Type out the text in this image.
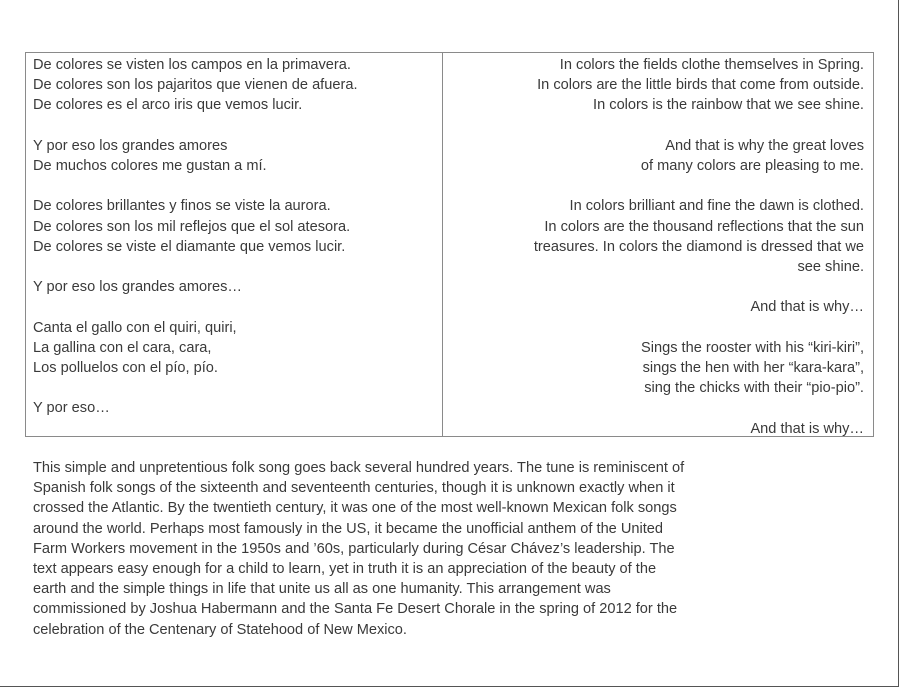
De colores se visten los campos en la primavera.
De colores son los pajaritos que vienen de afuera.
De colores es el arco iris que vemos lucir.
Y por eso los grandes amores
De muchos colores me gustan a mí.
De colores brillantes y finos se viste la aurora.
De colores son los mil reflejos que el sol atesora.
De colores se viste el diamante que vemos lucir.
Y por eso los grandes amores…
Canta el gallo con el quiri, quiri,
La gallina con el cara, cara,
Los polluelos con el pío, pío.
Y por eso…
In colors the fields clothe themselves in Spring.
In colors are the little birds that come from outside.
In colors is the rainbow that we see shine.
And that is why the great loves
of many colors are pleasing to me.
In colors brilliant and fine the dawn is clothed.
In colors are the thousand reflections that the sun
treasures. In colors the diamond is dressed that we
see shine.
And that is why…
Sings the rooster with his “kiri-kiri”,
sings the hen with her “kara-kara”,
sing the chicks with their “pio-pio”.
And that is why…
This simple and unpretentious folk song goes back several hundred years. The tune is reminiscent of
Spanish folk songs of the sixteenth and seventeenth centuries, though it is unknown exactly when it
crossed the Atlantic. By the twentieth century, it was one of the most well-known Mexican folk songs
around the world. Perhaps most famously in the US, it became the unofficial anthem of the United
Farm Workers movement in the 1950s and ’60s, particularly during César Chávez’s leadership. The
text appears easy enough for a child to learn, yet in truth it is an appreciation of the beauty of the
earth and the simple things in life that unite us all as one humanity. This arrangement was
commissioned by Joshua Habermann and the Santa Fe Desert Chorale in the spring of 2012 for the
celebration of the Centenary of Statehood of New Mexico.
